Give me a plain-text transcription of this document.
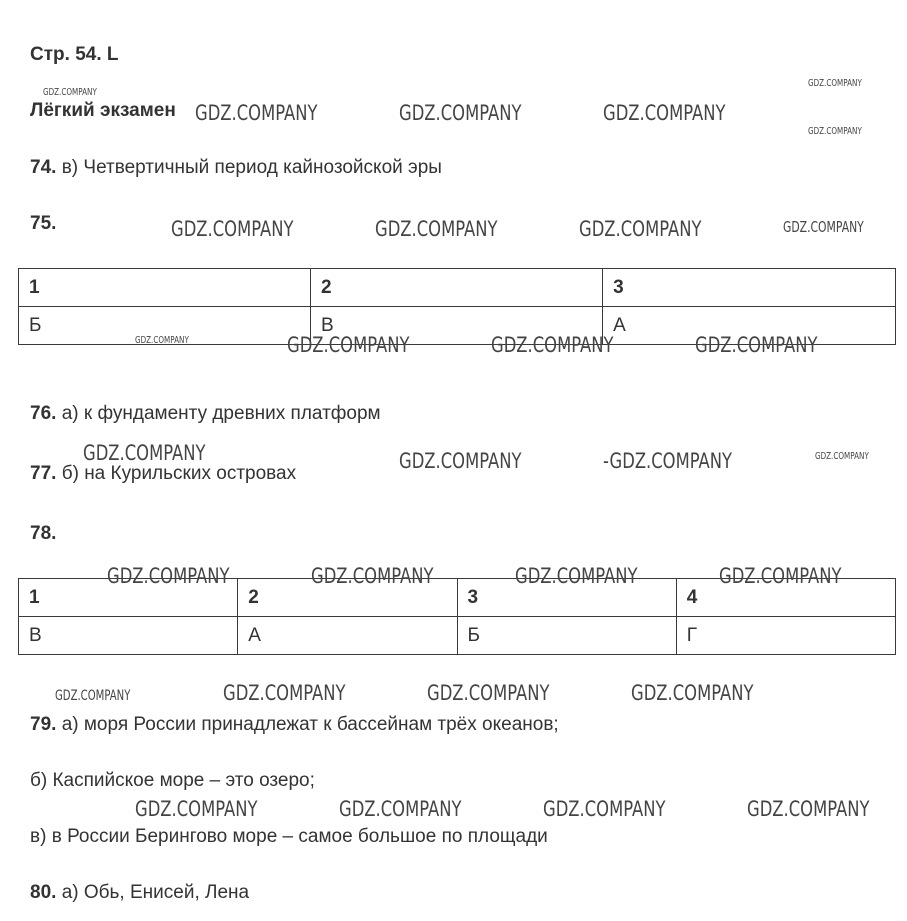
Стр. 54. L
Лёгкий экзамен
74. в) Четвертичный период кайнозойской эры
75.
1	2	3
Б	В	А
76. а) к фундаменту древних платформ
77. б) на Курильских островах
78.
1	2	3	4
В	А	Б	Г
79. а) моря России принадлежат к бассейнам трёх океанов;
б) Каспийское море – это озеро;
в) в России Берингово море – самое большое по площади
80. а) Обь, Енисей, Лена
GDZ.COMPANY
GDZ.COMPANY
GDZ.COMPANY
GDZ.COMPANY	GDZ.COMPANY	GDZ.COMPANY
GDZ.COMPANY	GDZ.COMPANY	GDZ.COMPANY	GDZ.COMPANY
GDZ.COMPANY	GDZ.COMPANY	GDZ.COMPANY	GDZ.COMPANY
GDZ.COMPANY	GDZ.COMPANY	-GDZ.COMPANY	GDZ.COMPANY
GDZ.COMPANY	GDZ.COMPANY	GDZ.COMPANY	GDZ.COMPANY
GDZ.COMPANY	GDZ.COMPANY	GDZ.COMPANY	GDZ.COMPANY
GDZ.COMPANY	GDZ.COMPANY	GDZ.COMPANY	GDZ.COMPANY
